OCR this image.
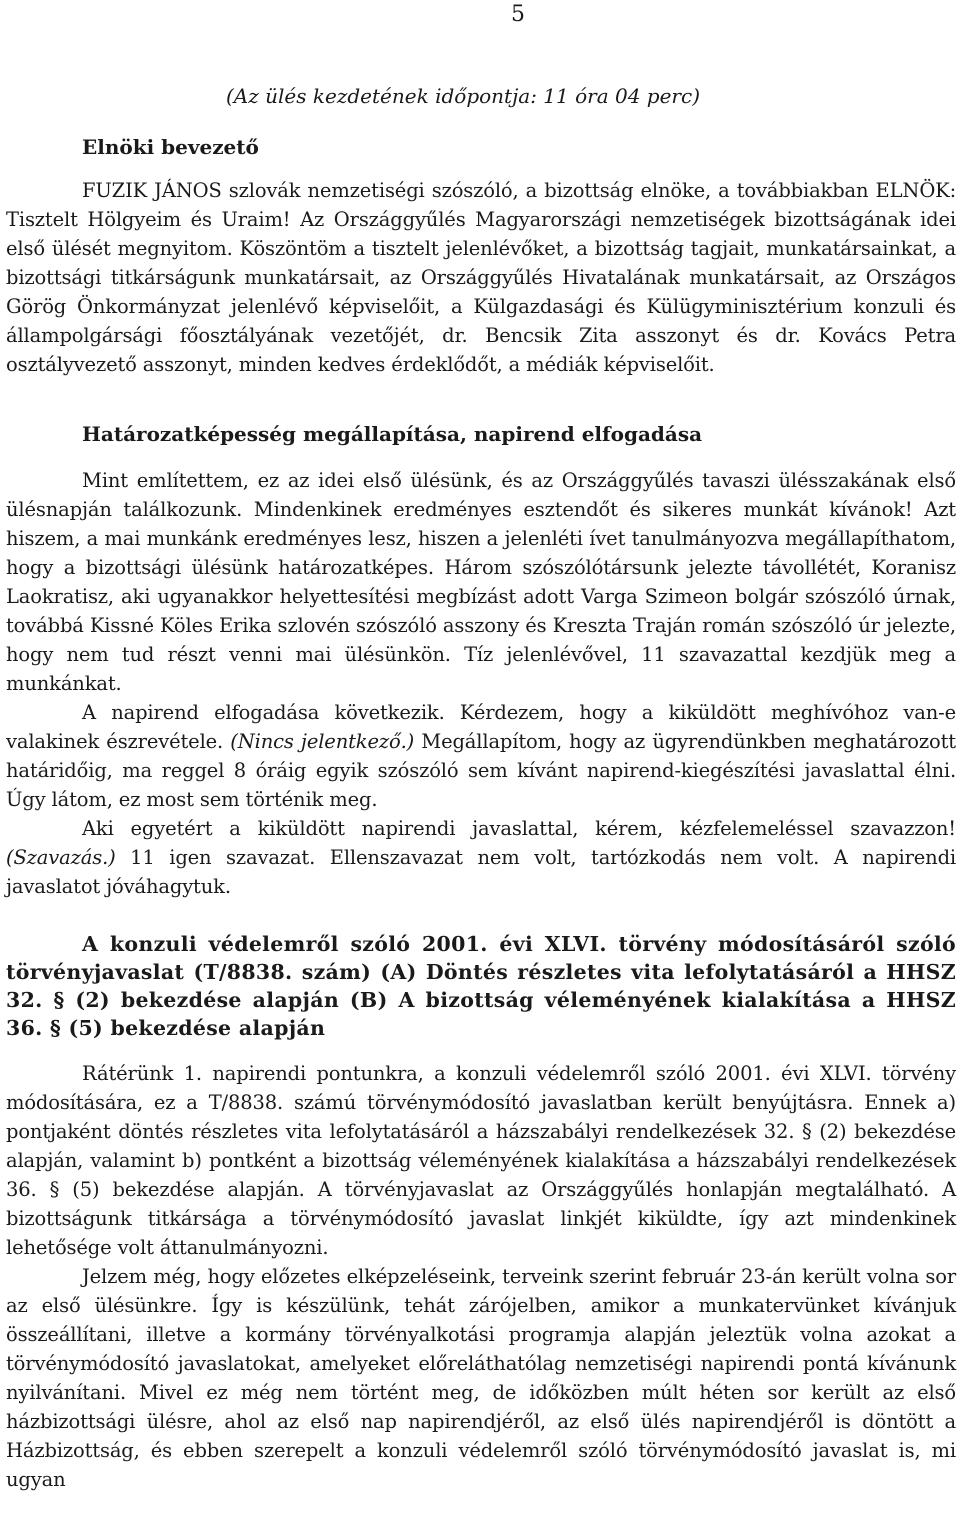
5

(Az ülés kezdetének időpontja: 11 óra 04 perc)

Elnöki bevezető

FUZIK JÁNOS szlovák nemzetiségi szószóló, a bizottság elnöke, a továbbiakban ELNÖK: Tisztelt Hölgyeim és Uraim! Az Országgyűlés Magyarországi nemzetiségek bizottságának idei első ülését megnyitom. Köszöntöm a tisztelt jelenlévőket, a bizottság tagjait, munkatársainkat, a bizottsági titkárságunk munkatársait, az Országgyűlés Hivatalának munkatársait, az Országos Görög Önkormányzat jelenlévő képviselőit, a Külgazdasági és Külügyminisztérium konzuli és állampolgársági főosztályának vezetőjét, dr. Bencsik Zita asszonyt és dr. Kovács Petra osztályvezető asszonyt, minden kedves érdeklődőt, a médiák képviselőit.

Határozatképesség megállapítása, napirend elfogadása

Mint említettem, ez az idei első ülésünk, és az Országgyűlés tavaszi ülésszakának első ülésnapján találkozunk. Mindenkinek eredményes esztendőt és sikeres munkát kívánok! Azt hiszem, a mai munkánk eredményes lesz, hiszen a jelenléti ívet tanulmányozva megállapíthatom, hogy a bizottsági ülésünk határozatképes. Három szószólótársunk jelezte távollétét, Koranisz Laokratisz, aki ugyanakkor helyettesítési megbízást adott Varga Szimeon bolgár szószóló úrnak, továbbá Kissné Köles Erika szlovén szószóló asszony és Kreszta Traján román szószóló úr jelezte, hogy nem tud részt venni mai ülésünkön. Tíz jelenlévővel, 11 szavazattal kezdjük meg a munkánkat.

A napirend elfogadása következik. Kérdezem, hogy a kiküldött meghívóhoz van-e valakinek észrevétele. (Nincs jelentkező.) Megállapítom, hogy az ügyrendünkben meghatározott határidőig, ma reggel 8 óráig egyik szószóló sem kívánt napirend-kiegészítési javaslattal élni. Úgy látom, ez most sem történik meg.

Aki egyetért a kiküldött napirendi javaslattal, kérem, kézfelemeléssel szavazzon! (Szavazás.) 11 igen szavazat. Ellenszavazat nem volt, tartózkodás nem volt. A napirendi javaslatot jóváhagytuk.

A konzuli védelemről szóló 2001. évi XLVI. törvény módosításáról szóló törvényjavaslat (T/8838. szám) (A) Döntés részletes vita lefolytatásáról a HHSZ 32. § (2) bekezdése alapján (B) A bizottság véleményének kialakítása a HHSZ 36. § (5) bekezdése alapján

Rátérünk 1. napirendi pontunkra, a konzuli védelemről szóló 2001. évi XLVI. törvény módosítására, ez a T/8838. számú törvénymódosító javaslatban került benyújtásra. Ennek a) pontjaként döntés részletes vita lefolytatásáról a házszabályi rendelkezések 32. § (2) bekezdése alapján, valamint b) pontként a bizottság véleményének kialakítása a házszabályi rendelkezések 36. § (5) bekezdése alapján. A törvényjavaslat az Országgyűlés honlapján megtalálható. A bizottságunk titkársága a törvénymódosító javaslat linkjét kiküldte, így azt mindenkinek lehetősége volt áttanulmányozni.

Jelzem még, hogy előzetes elképzeléseink, terveink szerint február 23-án került volna sor az első ülésünkre. Így is készülünk, tehát zárójelben, amikor a munkatervünket kívánjuk összeállítani, illetve a kormány törvényalkotási programja alapján jeleztük volna azokat a törvénymódosító javaslatokat, amelyeket előreláthatólag nemzetiségi napirendi pontá kívánunk nyilvánítani. Mivel ez még nem történt meg, de időközben múlt héten sor került az első házbizottsági ülésre, ahol az első nap napirendjéről, az első ülés napirendjéről is döntött a Házbizottság, és ebben szerepelt a konzuli védelemről szóló törvénymódosító javaslat is, mi ugyan
